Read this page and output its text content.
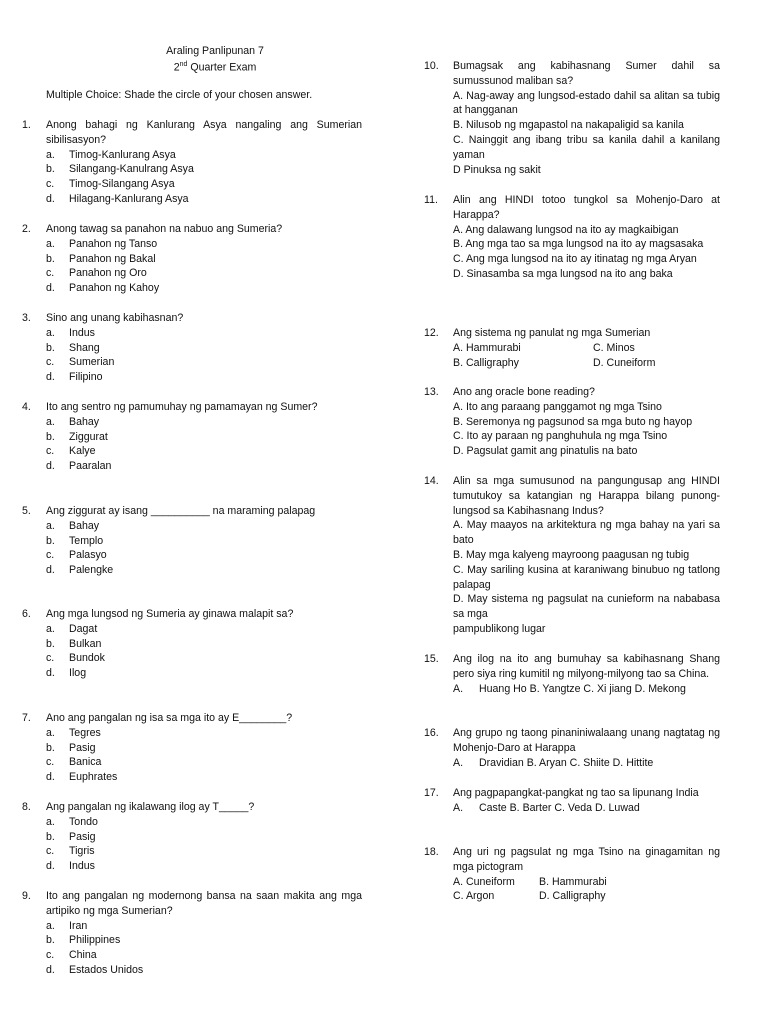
Araling Panlipunan 7
2nd Quarter Exam
Multiple Choice: Shade the circle of your chosen answer.
1. Anong bahagi ng Kanlurang Asya nangaling ang Sumerian sibilisasyon?
a. Timog-Kanlurang Asya
b. Silangang-Kanulrang Asya
c. Timog-Silangang Asya
d. Hilagang-Kanlurang Asya
2. Anong tawag sa panahon na nabuo ang Sumeria?
a. Panahon ng Tanso
b. Panahon ng Bakal
c. Panahon ng Oro
d. Panahon ng Kahoy
3. Sino ang unang kabihasnan?
a. Indus
b. Shang
c. Sumerian
d. Filipino
4. Ito ang sentro ng pamumuhay ng pamamayan ng Sumer?
a. Bahay
b. Ziggurat
c. Kalye
d. Paaralan
5. Ang ziggurat ay isang __________ na maraming palapag
a. Bahay
b. Templo
c. Palasyo
d. Palengke
6. Ang mga lungsod ng Sumeria ay ginawa malapit sa?
a. Dagat
b. Bulkan
c. Bundok
d. Ilog
7. Ano ang pangalan ng isa sa mga ito ay E________?
a. Tegres
b. Pasig
c. Banica
d. Euphrates
8. Ang pangalan ng ikalawang ilog ay T_____?
a. Tondo
b. Pasig
c. Tigris
d. Indus
9. Ito ang pangalan ng modernong bansa na saan makita ang mga artipiko ng mga Sumerian?
a. Iran
b. Philippines
c. China
d. Estados Unidos
10. Bumagsak ang kabihasnang Sumer dahil sa sumussunod maliban sa?
A. Nag-away ang lungsod-estado dahil sa alitan sa tubig at hangganan
B. Nilusob ng mgapastol na nakapaligid sa kanila
C. Nainggit ang ibang tribu sa kanila dahil a kanilang yaman
D Pinuksa ng sakit
11. Alin ang HINDI totoo tungkol sa Mohenjo-Daro at Harappa?
A. Ang dalawang lungsod na ito ay magkaibigan
B. Ang mga tao sa mga lungsod na ito ay magsasaka
C. Ang mga lungsod na ito ay itinatag ng mga Aryan
D. Sinasamba sa mga lungsod na ito ang baka
12. Ang sistema ng panulat ng mga Sumerian
A. Hammurabi	C. Minos
B. Calligraphy	D. Cuneiform
13. Ano ang oracle bone reading?
A. Ito ang paraang panggamot ng mga Tsino
B. Seremonya ng pagsunod sa mga buto ng hayop
C. Ito ay paraan ng panghuhula ng mga Tsino
D. Pagsulat gamit ang pinatulis na bato
14. Alin sa mga sumusunod na pangungusap ang HINDI tumutukoy sa katangian ng Harappa bilang punong-lungsod sa Kabihasnang Indus?
A. May maayos na arkitektura ng mga bahay na yari sa bato
B. May mga kalyeng mayroong paagusan ng tubig
C. May sariling kusina at karaniwang binubuo ng tatlong palapag
D. May sistema ng pagsulat na cunieform na nababasa sa mga
pampublikong lugar
15. Ang ilog na ito ang bumuhay sa kabihasnang Shang pero siya ring kumitil ng milyong-milyong tao sa China.
A. Huang Ho B. Yangtze C. Xi jiang D. Mekong
16. Ang grupo ng taong pinaniniwalaang unang nagtatag ng Mohenjo-Daro at Harappa
A. Dravidian B. Aryan C. Shiite D. Hittite
17. Ang pagpapangkat-pangkat ng tao sa lipunang India
A. Caste B. Barter C. Veda D. Luwad
18. Ang uri ng pagsulat ng mga Tsino na ginagamitan ng mga pictogram
A. Cuneiform	B. Hammurabi
C. Argon	D. Calligraphy
